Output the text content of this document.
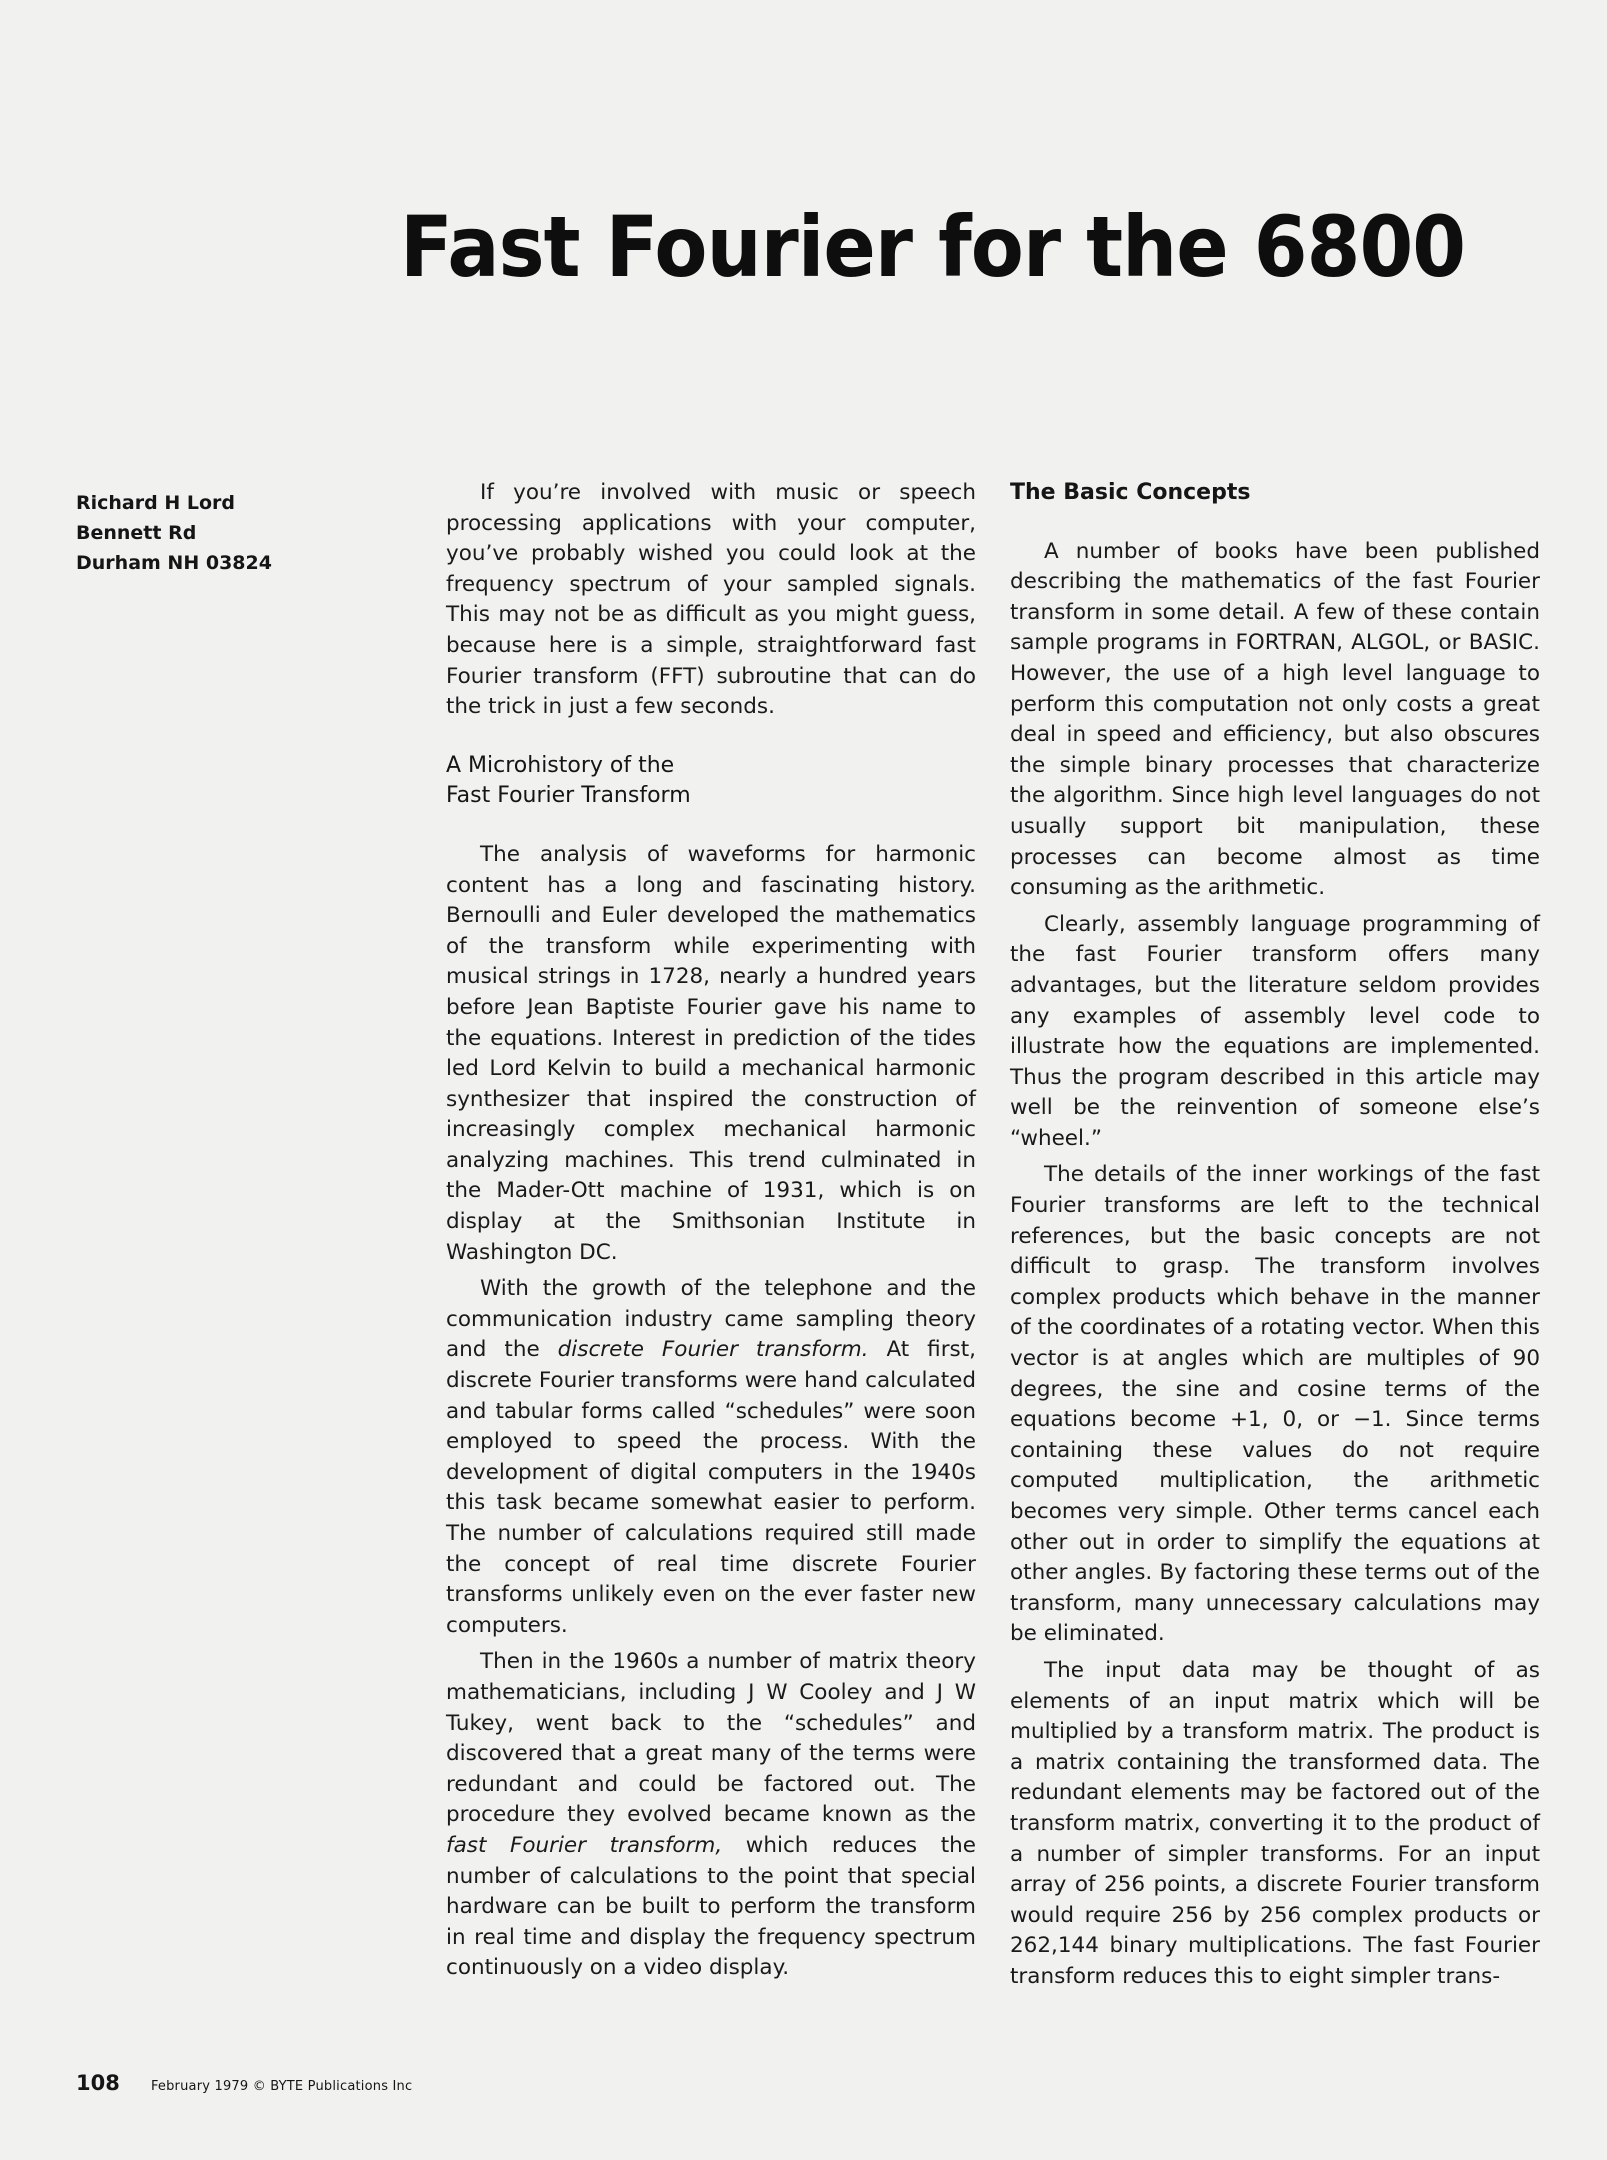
Fast Fourier for the 6800
Richard H Lord
Bennett Rd
Durham NH 03824

If you’re involved with music or speech processing applications with your computer, you’ve probably wished you could look at the frequency spectrum of your sampled signals. This may not be as difficult as you might guess, because here is a simple, straightforward fast Fourier transform (FFT) subroutine that can do the trick in just a few seconds.

A Microhistory of the
Fast Fourier Transform

The analysis of waveforms for harmonic content has a long and fascinating history. Bernoulli and Euler developed the mathematics of the transform while experimenting with musical strings in 1728, nearly a hundred years before Jean Baptiste Fourier gave his name to the equations. Interest in prediction of the tides led Lord Kelvin to build a mechanical harmonic synthesizer that inspired the construction of increasingly complex mechanical harmonic analyzing machines. This trend culminated in the Mader-Ott machine of 1931, which is on display at the Smithsonian Institute in Washington DC.

With the growth of the telephone and the communication industry came sampling theory and the discrete Fourier transform. At first, discrete Fourier transforms were hand calculated and tabular forms called “schedules” were soon employed to speed the process. With the development of digital computers in the 1940s this task became somewhat easier to perform. The number of calculations required still made the concept of real time discrete Fourier transforms unlikely even on the ever faster new computers.

Then in the 1960s a number of matrix theory mathematicians, including J W Cooley and J W Tukey, went back to the “schedules” and discovered that a great many of the terms were redundant and could be factored out. The procedure they evolved became known as the fast Fourier transform, which reduces the number of calculations to the point that special hardware can be built to perform the transform in real time and display the frequency spectrum continuously on a video display.

The Basic Concepts

A number of books have been published describing the mathematics of the fast Fourier transform in some detail. A few of these contain sample programs in FORTRAN, ALGOL, or BASIC. However, the use of a high level language to perform this computation not only costs a great deal in speed and efficiency, but also obscures the simple binary processes that characterize the algorithm. Since high level languages do not usually support bit manipulation, these processes can become almost as time consuming as the arithmetic.

Clearly, assembly language programming of the fast Fourier transform offers many advantages, but the literature seldom provides any examples of assembly level code to illustrate how the equations are implemented. Thus the program described in this article may well be the reinvention of someone else’s “wheel.”

The details of the inner workings of the fast Fourier transforms are left to the technical references, but the basic concepts are not difficult to grasp. The transform involves complex products which behave in the manner of the coordinates of a rotating vector. When this vector is at angles which are multiples of 90 degrees, the sine and cosine terms of the equations become +1, 0, or −1. Since terms containing these values do not require computed multiplication, the arithmetic becomes very simple. Other terms cancel each other out in order to simplify the equations at other angles. By factoring these terms out of the transform, many unnecessary calculations may be eliminated.

The input data may be thought of as elements of an input matrix which will be multiplied by a transform matrix. The product is a matrix containing the transformed data. The redundant elements may be factored out of the transform matrix, converting it to the product of a number of simpler transforms. For an input array of 256 points, a discrete Fourier transform would require 256 by 256 complex products or 262,144 binary multiplications. The fast Fourier transform reduces this to eight simpler trans-

108 February 1979 © BYTE Publications Inc
